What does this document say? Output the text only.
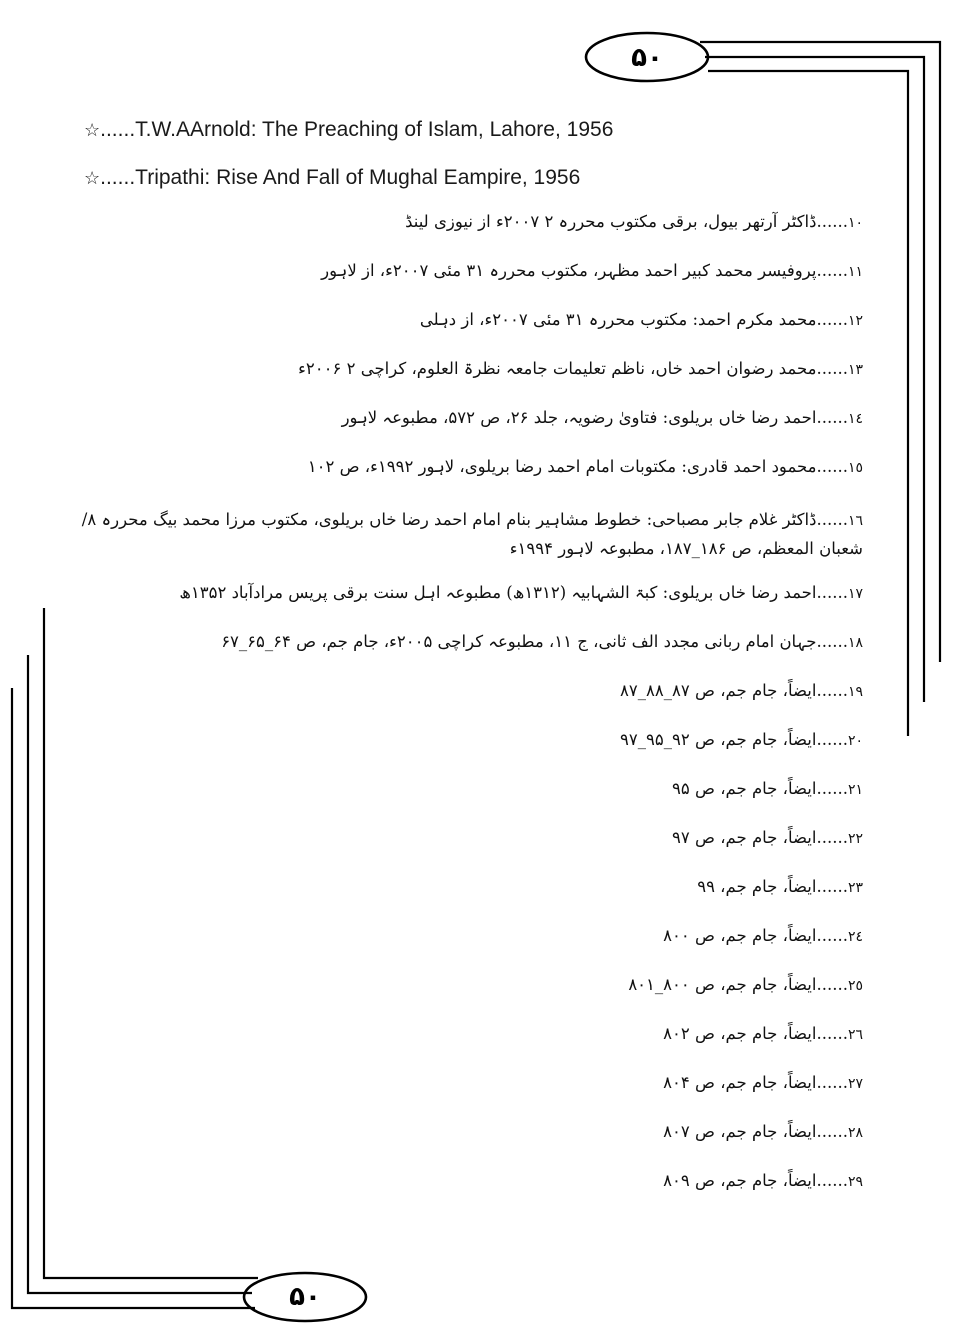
۵۰
۵۰
☆......T.W.AArnold: The Preaching of Islam, Lahore, 1956
☆......Tripathi: Rise And Fall of Mughal Eampire, 1956
١٠......ڈاکٹر آرتھر بیول، برقی مکتوب محررہ ۲ ۲۰۰۷ء از نیوزی لینڈ
١١......پروفیسر محمد کبیر احمد مظہر، مکتوب محررہ ۳۱ مئی ۲۰۰۷ء، از لاہور
١٢......محمد مکرم احمد: مکتوب محررہ ۳۱ مئی ۲۰۰۷ء، از دہلی
١٣......محمد رضوان احمد خاں، ناظم تعلیمات جامعہ نظرۃ العلوم، کراچی ۲ ۲۰۰۶ء
١٤......احمد رضا خاں بریلوی: فتاویٰ رضویہ، جلد ۲۶، ص ۵۷۲، مطبوعہ لاہور
١٥......محمود احمد قادری: مکتوبات امام احمد رضا بریلوی، لاہور ۱۹۹۲ء، ص ۱۰۲
١٦......ڈاکٹر غلام جابر مصباحی: خطوط مشاہیر بنام امام احمد رضا خاں بریلوی، مکتوب مرزا محمد بیگ محررہ ۸/ شعبان المعظم، ص ۱۸۶_۱۸۷، مطبوعہ لاہور ۱۹۹۴ء
١٧......احمد رضا خاں بریلوی: کبۃ الشہابیہ (۱۳۱۲ھ) مطبوعہ اہل سنت برقی پریس مرادآباد ۱۳۵۲ھ
١٨......جہان امام ربانی مجدد الف ثانی، ج ۱۱، مطبوعہ کراچی ۲۰۰۵ء، جام جم، ص ۶۴_۶۵_۶۷
١٩......ایضاً، جام جم، ص ۸۷_۸۸_۸۷
٢٠......ایضاً، جام جم، ص ۹۲_۹۵_۹۷
٢١......ایضاً، جام جم، ص ۹۵
٢٢......ایضاً، جام جم، ص ۹۷
٢٣......ایضاً، جام جم، ۹۹
٢٤......ایضاً، جام جم، ص ۸۰۰
٢٥......ایضاً، جام جم، ص ۸۰۰_۸۰۱
٢٦......ایضاً، جام جم، ص ۸۰۲
٢٧......ایضاً، جام جم، ص ۸۰۴
٢٨......ایضاً، جام جم، ص ۸۰۷
٢٩......ایضاً، جام جم، ص ۸۰۹
